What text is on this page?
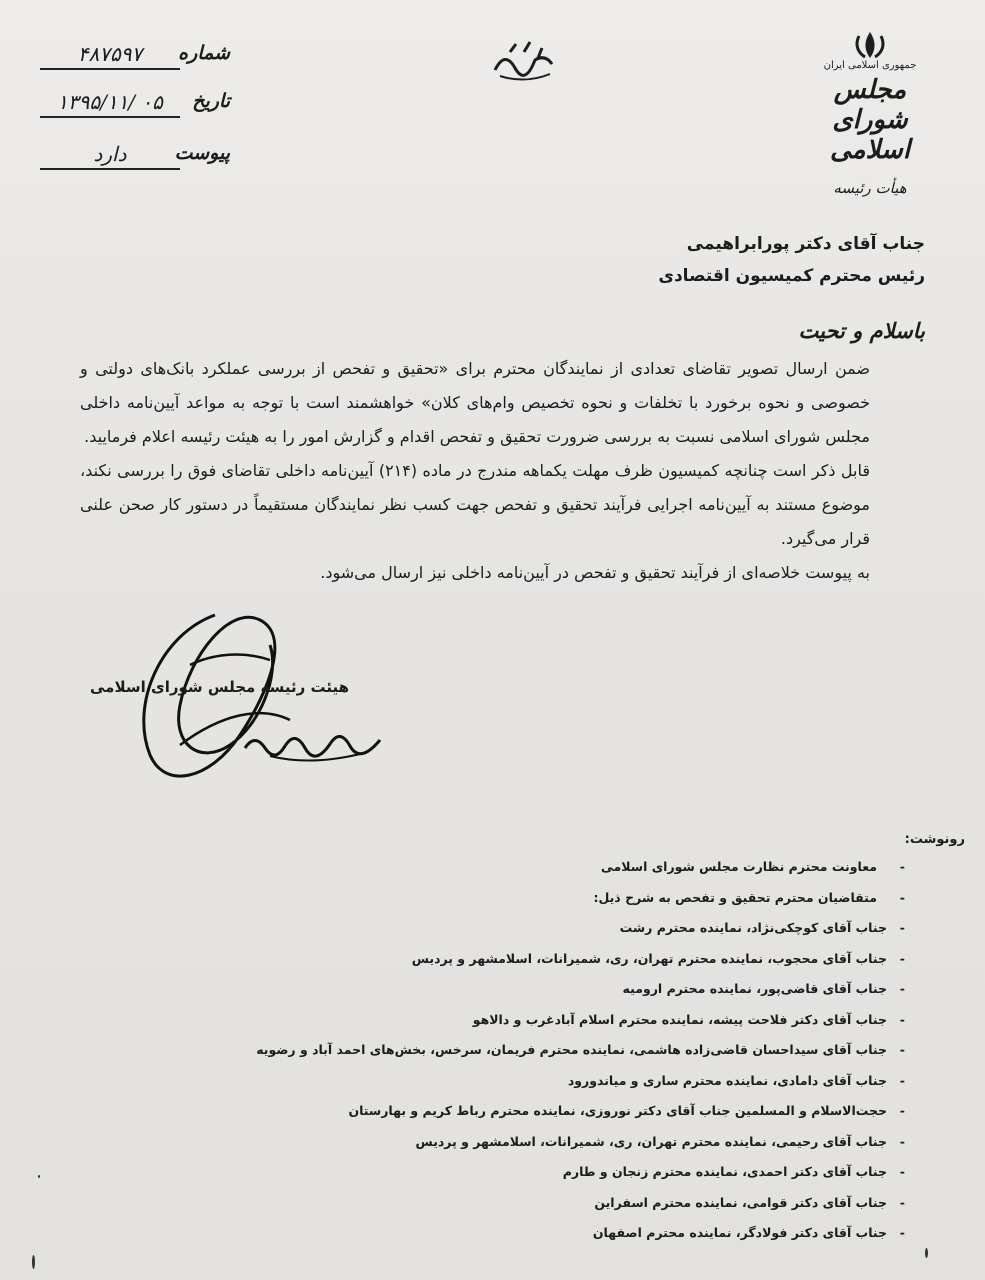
شماره
۴۸۷۵۹۷
تاریخ
۱۳۹۵/۱۱/ ۰۵
پیوست
دارد
جمهوری اسلامی ایران
مجلس شورای اسلامی
هیأت رئیسه
جناب آقای دکتر پورابراهیمی
رئیس محترم کمیسیون اقتصادی
باسلام و تحیت

ضمن ارسال تصویر تقاضای تعدادی از نمایندگان محترم برای «تحقیق و تفحص از بررسی عملکرد بانک‌های دولتی و خصوصی و نحوه برخورد با تخلفات و نحوه تخصیص وام‌های کلان» خواهشمند است با توجه به مواعد آیین‌نامه داخلی مجلس شورای اسلامی نسبت به بررسی ضرورت تحقیق و تفحص اقدام و گزارش امور را به هیئت رئیسه اعلام فرمایید.

قابل ذکر است چنانچه کمیسیون ظرف مهلت یکماهه مندرج در ماده (۲۱۴) آیین‌نامه داخلی تقاضای فوق را بررسی نکند، موضوع مستند به آیین‌نامه اجرایی فرآیند تحقیق و تفحص جهت کسب نظر نمایندگان مستقیماً در دستور کار صحن علنی قرار می‌گیرد.

به پیوست خلاصه‌ای از فرآیند تحقیق و تفحص در آیین‌نامه داخلی نیز ارسال می‌شود.

هیئت رئیسه مجلس شورای اسلامی
رونوشت:
-معاونت محترم نظارت مجلس شورای اسلامی
-متقاضیان محترم تحقیق و تفحص به شرح ذیل:
-جناب آقای کوچکی‌نژاد، نماینده محترم رشت
-جناب آقای محجوب، نماینده محترم تهران، ری، شمیرانات، اسلامشهر و پردیس
-جناب آقای قاضی‌پور، نماینده محترم ارومیه
-جناب آقای دکتر فلاحت پیشه، نماینده محترم اسلام آبادغرب و دالاهو
-جناب آقای سیداحسان قاضی‌زاده هاشمی، نماینده محترم فریمان، سرخس، بخش‌های احمد آباد و رضویه
-جناب آقای دامادی، نماینده محترم ساری و میاندورود
-حجت‌الاسلام و المسلمین جناب آقای دکتر نوروزی، نماینده محترم رباط کریم و بهارستان
-جناب آقای رحیمی، نماینده محترم تهران، ری، شمیرانات، اسلامشهر و پردیس
-جناب آقای دکتر احمدی، نماینده محترم زنجان و طارم
-جناب آقای دکتر قوامی، نماینده محترم اسفراین
-جناب آقای دکتر فولادگر، نماینده محترم اصفهان
